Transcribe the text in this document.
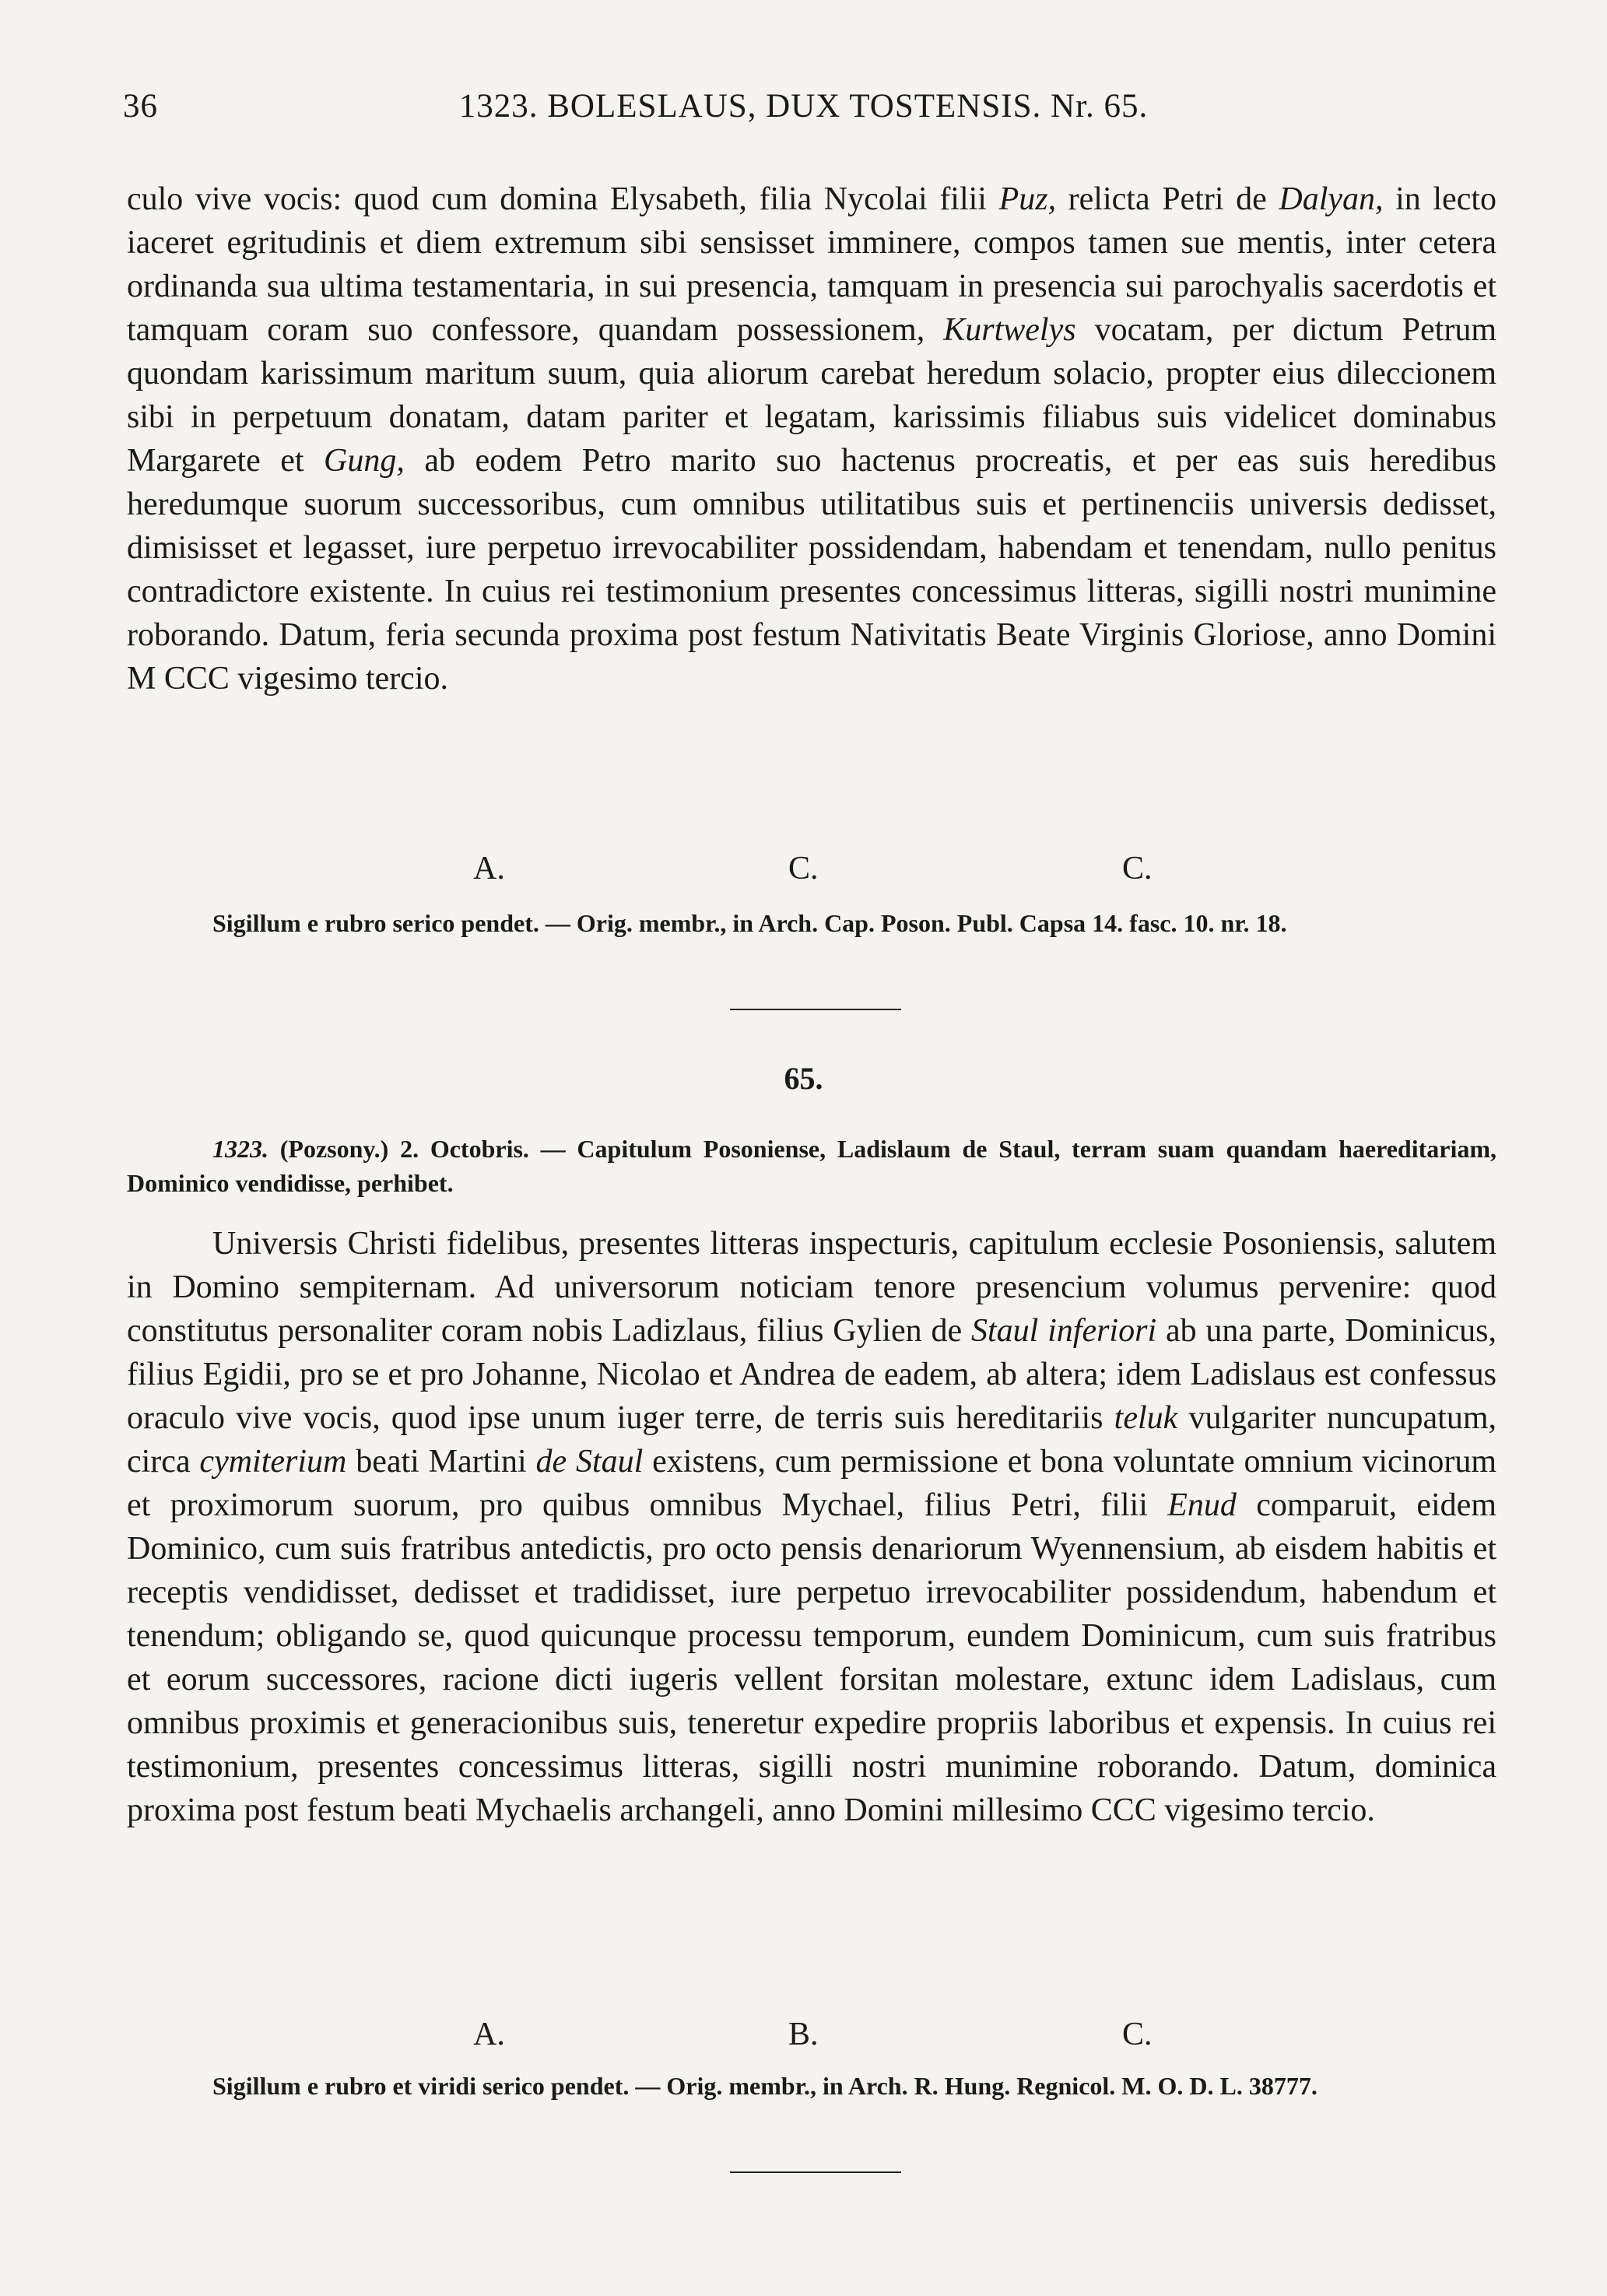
36	1323. BOLESLAUS, DUX TOSTENSIS. Nr. 65.

culo vive vocis: quod cum domina Elysabeth, filia Nycolai filii Puz, relicta Petri de Dalyan, in lecto iaceret egritudinis et diem extremum sibi sensisset imminere, compos tamen sue mentis, inter cetera ordinanda sua ultima testamentaria, in sui presencia, tamquam in presencia sui parochyalis sacerdotis et tamquam coram suo confessore, quandam possessionem, Kurtwelys vocatam, per dictum Petrum quondam karissimum maritum suum, quia aliorum carebat heredum solacio, propter eius dileccionem sibi in perpetuum donatam, datam pariter et legatam, karissimis filiabus suis videlicet dominabus Margarete et Gung, ab eodem Petro marito suo hactenus procreatis, et per eas suis heredibus heredumque suorum successoribus, cum omnibus utilitatibus suis et pertinenciis universis dedisset, dimisisset et legasset, iure perpetuo irrevocabiliter possidendam, habendam et tenendam, nullo penitus contradictore existente. In cuius rei testimonium presentes concessimus litteras, sigilli nostri munimine roborando. Datum, feria secunda proxima post festum Nativitatis Beate Virginis Gloriose, anno Domini M CCC vigesimo tercio.

A.	C.	C.
Sigillum e rubro serico pendet. — Orig. membr., in Arch. Cap. Poson. Publ. Capsa 14. fasc. 10. nr. 18.
65.
1323. (Pozsony.) 2. Octobris. — Capitulum Posoniense, Ladislaum de Staul, terram suam quandam haereditariam, Dominico vendidisse, perhibet.

Universis Christi fidelibus, presentes litteras inspecturis, capitulum ecclesie Posoniensis, salutem in Domino sempiternam. Ad universorum noticiam tenore presencium volumus pervenire: quod constitutus personaliter coram nobis Ladizlaus, filius Gylien de Staul inferiori ab una parte, Dominicus, filius Egidii, pro se et pro Johanne, Nicolao et Andrea de eadem, ab altera; idem Ladislaus est confessus oraculo vive vocis, quod ipse unum iuger terre, de terris suis hereditariis teluk vulgariter nuncupatum, circa cymiterium beati Martini de Staul existens, cum permissione et bona voluntate omnium vicinorum et proximorum suorum, pro quibus omnibus Mychael, filius Petri, filii Enud comparuit, eidem Dominico, cum suis fratribus antedictis, pro octo pensis denariorum Wyennensium, ab eisdem habitis et receptis vendidisset, dedisset et tradidisset, iure perpetuo irrevocabiliter possidendum, habendum et tenendum; obligando se, quod quicunque processu temporum, eundem Dominicum, cum suis fratribus et eorum successores, racione dicti iugeris vellent forsitan molestare, extunc idem Ladislaus, cum omnibus proximis et generacionibus suis, teneretur expedire propriis laboribus et expensis. In cuius rei testimonium, presentes concessimus litteras, sigilli nostri munimine roborando. Datum, dominica proxima post festum beati Mychaelis archangeli, anno Domini millesimo CCC vigesimo tercio.

A.	B.	C.
Sigillum e rubro et viridi serico pendet. — Orig. membr., in Arch. R. Hung. Regnicol. M. O. D. L. 38777.
